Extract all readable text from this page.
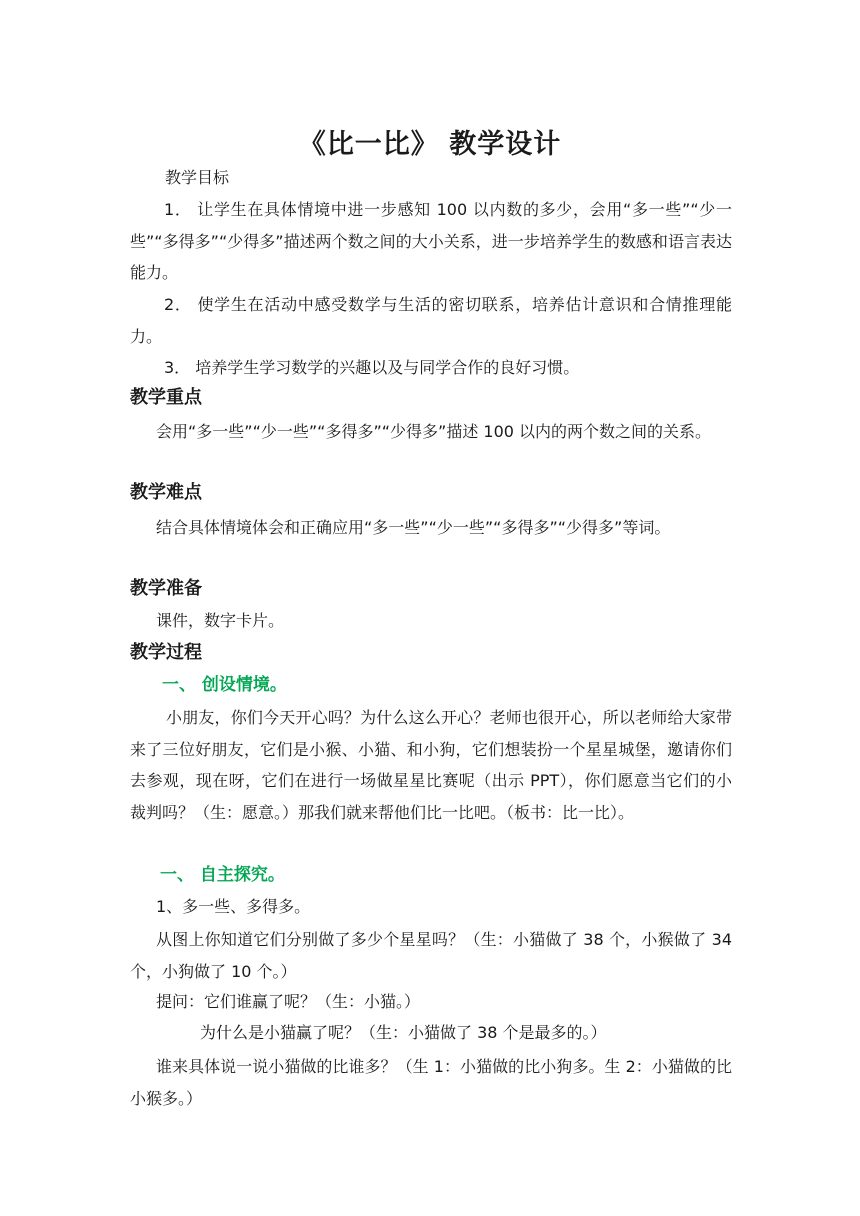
《比一比》 教学设计
教学目标
1． 让学生在具体情境中进一步感知 100 以内数的多少，会用“多一些”“少一些”“多得多”“少得多”描述两个数之间的大小关系，进一步培养学生的数感和语言表达能力。
2． 使学生在活动中感受数学与生活的密切联系，培养估计意识和合情推理能力。
3． 培养学生学习数学的兴趣以及与同学合作的良好习惯。
教学重点
会用“多一些”“少一些”“多得多”“少得多”描述 100 以内的两个数之间的关系。
教学难点
结合具体情境体会和正确应用“多一些”“少一些”“多得多”“少得多”等词。
教学准备
课件，数字卡片。
教学过程
一、 创设情境。
小朋友，你们今天开心吗？为什么这么开心？老师也很开心，所以老师给大家带来了三位好朋友，它们是小猴、小猫、和小狗，它们想装扮一个星星城堡，邀请你们去参观，现在呀，它们在进行一场做星星比赛呢（出示 PPT），你们愿意当它们的小裁判吗？（生：愿意。）那我们就来帮他们比一比吧。（板书：比一比）。
一、 自主探究。
1、多一些、多得多。
从图上你知道它们分别做了多少个星星吗？（生：小猫做了 38 个，小猴做了 34 个，小狗做了 10 个。）
提问：它们谁赢了呢？（生：小猫。）
为什么是小猫赢了呢？（生：小猫做了 38 个是最多的。）
谁来具体说一说小猫做的比谁多？（生 1：小猫做的比小狗多。生 2：小猫做的比小猴多。）
